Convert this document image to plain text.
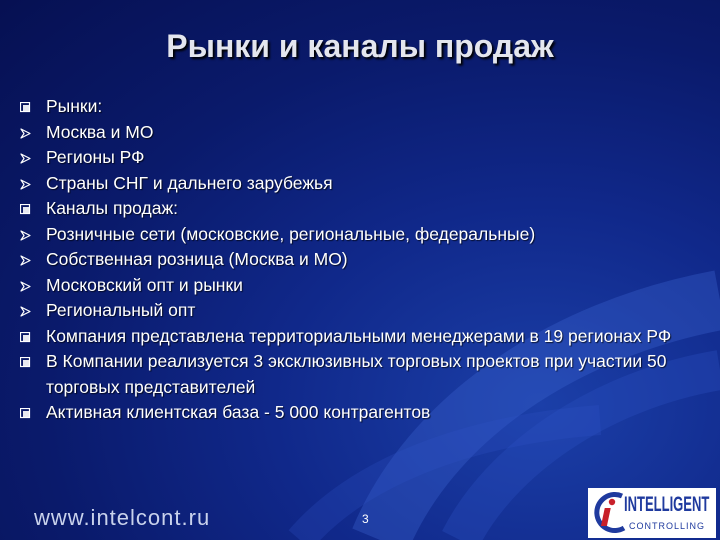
Рынки и каналы продаж
Рынки:
Москва и МО
Регионы РФ
Страны СНГ и дальнего зарубежья
Каналы продаж:
Розничные сети (московские, региональные, федеральные)
Собственная розница (Москва и МО)
Московский опт и рынки
Региональный опт
Компания представлена территориальными менеджерами в 19 регионах РФ
В Компании реализуется 3 эксклюзивных торговых проектов при участии 50 торговых представителей
Активная клиентская база - 5 000 контрагентов
www.intelcont.ru	3
INTELLIGENT
CONTROLLING
